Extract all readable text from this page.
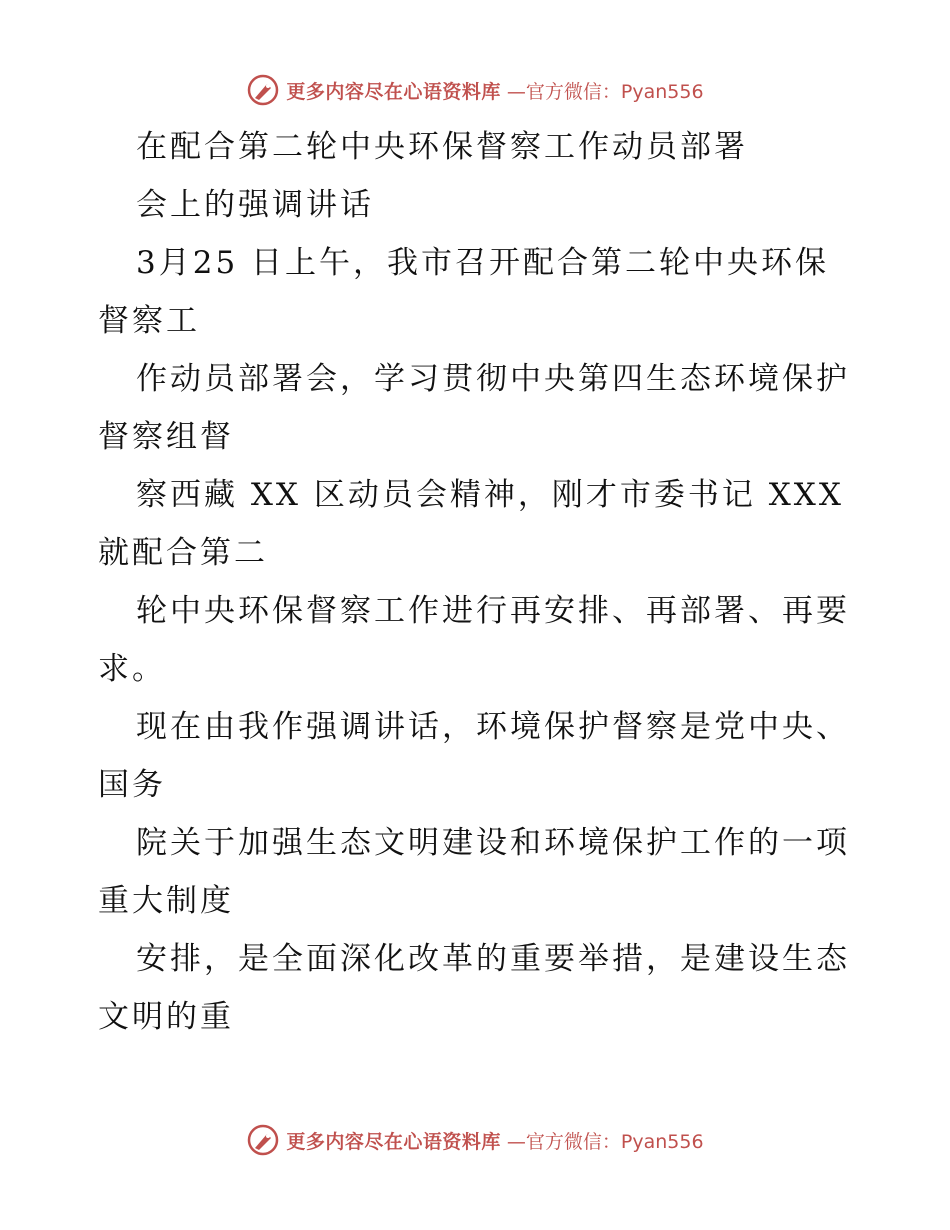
更多内容尽在心语资料库 —官方微信：Pyan556
在配合第二轮中央环保督察工作动员部署
会上的强调讲话
3月25 日上午，我市召开配合第二轮中央环保
督察工
作动员部署会，学习贯彻中央第四生态环境保护
督察组督
察西藏 XX 区动员会精神，刚才市委书记 XXX
就配合第二
轮中央环保督察工作进行再安排、再部署、再要
求。
现在由我作强调讲话，环境保护督察是党中央、
国务
院关于加强生态文明建设和环境保护工作的一项
重大制度
安排，是全面深化改革的重要举措，是建设生态
文明的重
更多内容尽在心语资料库 —官方微信：Pyan556
